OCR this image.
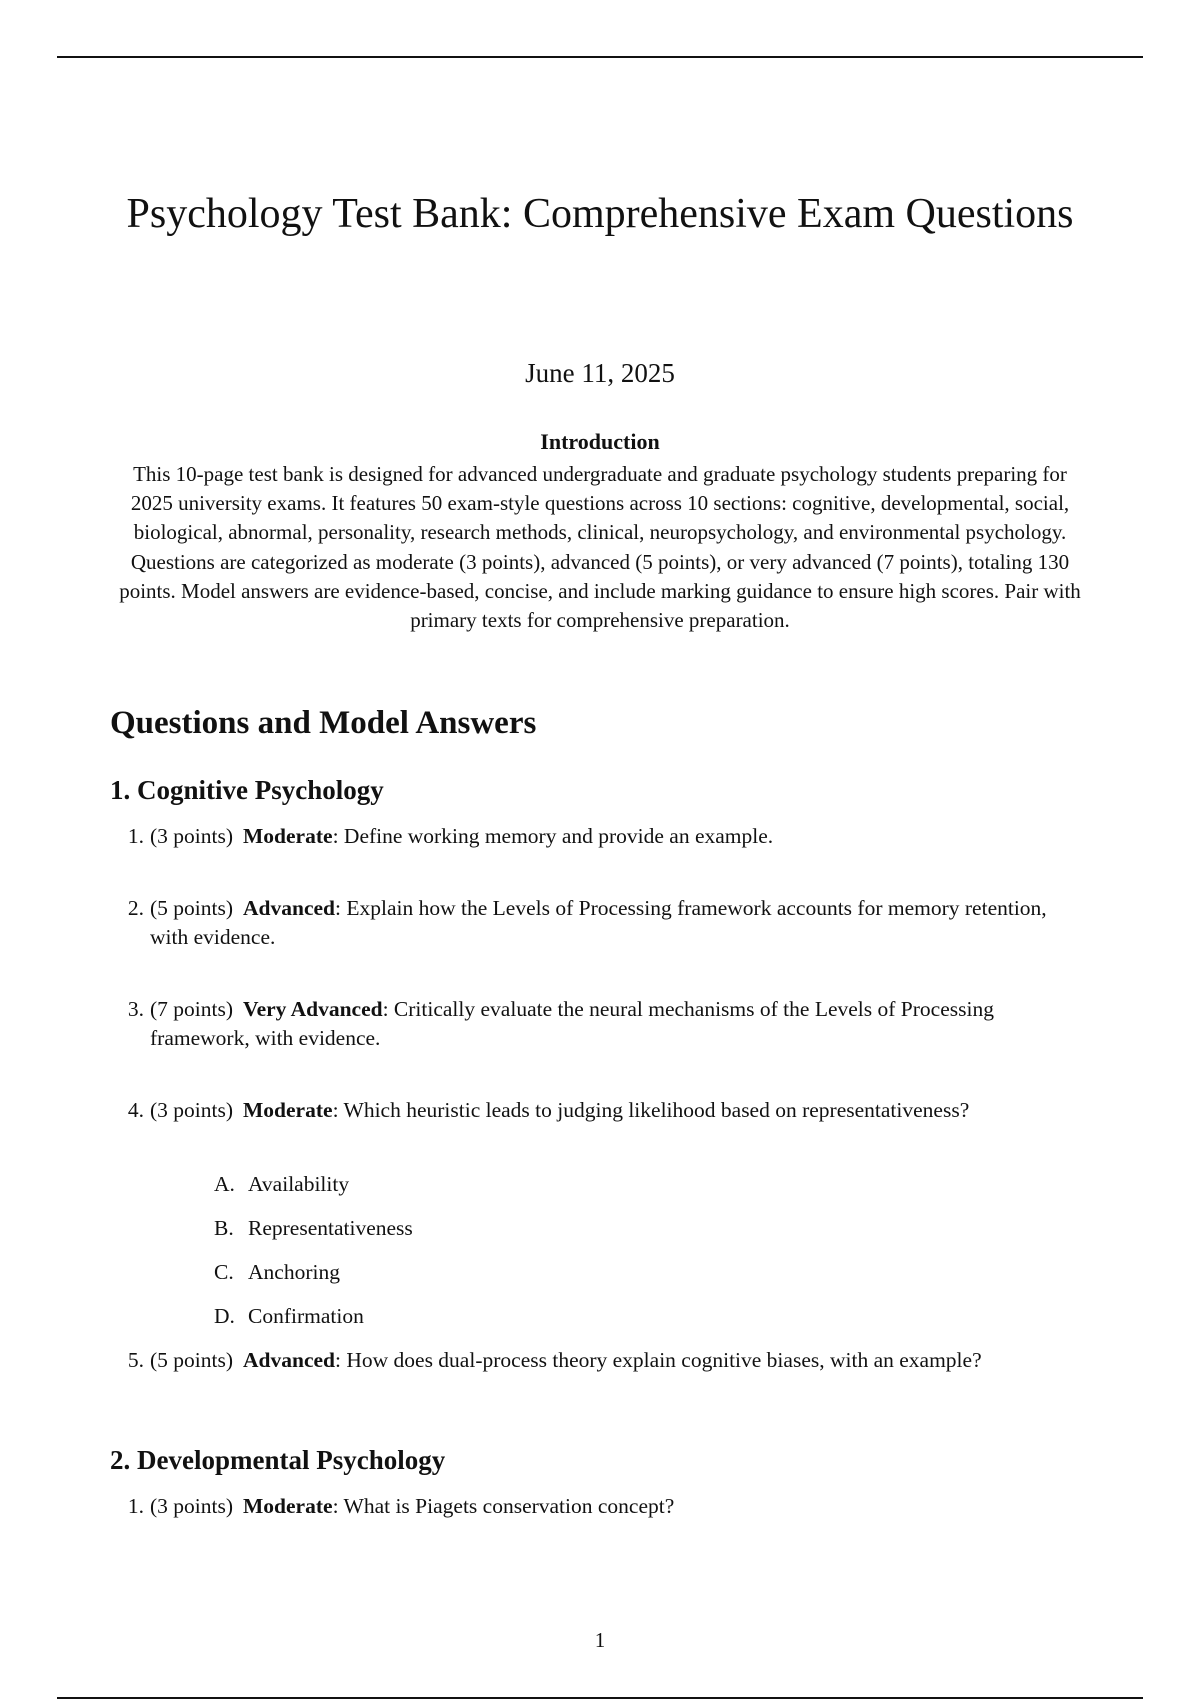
Psychology Test Bank: Comprehensive Exam Questions

June 11, 2025

Introduction

This 10-page test bank is designed for advanced undergraduate and graduate psychology students preparing for 2025 university exams. It features 50 exam-style questions across 10 sections: cognitive, developmental, social, biological, abnormal, personality, research methods, clinical, neuropsychology, and environmental psychology. Questions are categorized as moderate (3 points), advanced (5 points), or very advanced (7 points), totaling 130 points. Model answers are evidence-based, concise, and include marking guidance to ensure high scores. Pair with primary texts for comprehensive preparation.

Questions and Model Answers
1. Cognitive Psychology
1. (3 points) Moderate: Define working memory and provide an example.
2. (5 points) Advanced: Explain how the Levels of Processing framework accounts for memory retention, with evidence.
3. (7 points) Very Advanced: Critically evaluate the neural mechanisms of the Levels of Processing framework, with evidence.
4. (3 points) Moderate: Which heuristic leads to judging likelihood based on representativeness?
A. Availability
B. Representativeness
C. Anchoring
D. Confirmation
5. (5 points) Advanced: How does dual-process theory explain cognitive biases, with an example?
2. Developmental Psychology
1. (3 points) Moderate: What is Piagets conservation concept?
1
